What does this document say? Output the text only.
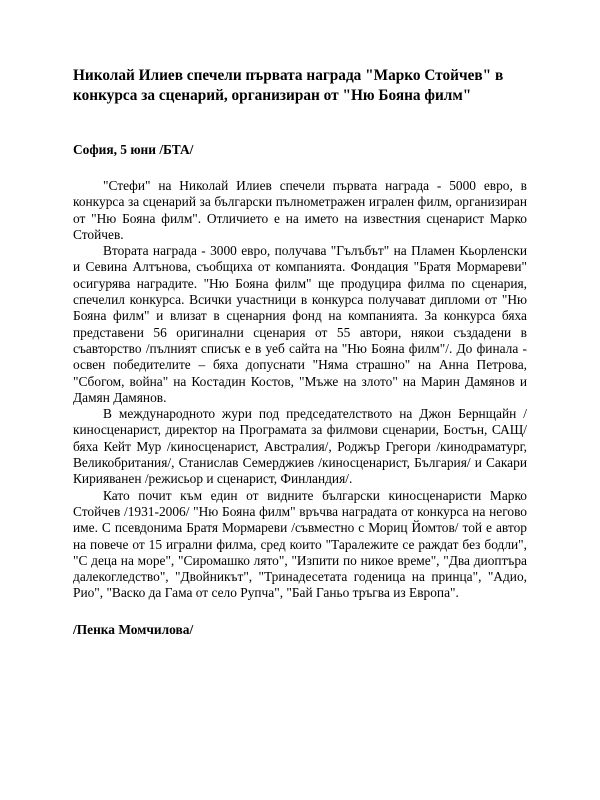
Николай Илиев спечели първата награда "Марко Стойчев" в конкурса за сценарий, организиран от "Ню Бояна филм"

София, 5 юни /БТА/

"Стефи" на Николай Илиев спечели първата награда - 5000 евро, в конкурса за сценарий за български пълнометражен игрален филм, организиран от "Ню Бояна филм". Отличието е на името на известния сценарист Марко Стойчев.

Втората награда - 3000 евро, получава "Гълъбът" на Пламен Кьорленски и Севина Алтънова, съобщиха от компанията. Фондация "Братя Мормареви" осигурява наградите. "Ню Бояна филм" ще продуцира филма по сценария, спечелил конкурса. Всички участници в конкурса получават дипломи от "Ню Бояна филм" и влизат в сценарния фонд на компанията. За конкурса бяха представени 56 оригинални сценария от 55 автори, някои създадени в съавторство /пълният списък е в уеб сайта на "Ню Бояна филм"/. До финала - освен победителите – бяха допуснати "Няма страшно" на Анна Петрова, "Сбогом, война" на Костадин Костов, "Мъже на злото" на Марин Дамянов и Дамян Дамянов.

В международното жури под председателството на Джон Бернщайн /киносценарист, директор на Програмата за филмови сценарии, Бостън, САЩ/ бяха Кейт Мур /киносценарист, Австралия/, Роджър Грегори /кинодраматург, Великобритания/, Станислав Семерджиев /киносценарист, България/ и Сакари Кирияванен /режисьор и сценарист, Финландия/.

Като почит към един от видните български киносценаристи Марко Стойчев /1931-2006/ "Ню Бояна филм" връчва наградата от конкурса на негово име. С псевдонима Братя Мормареви /съвместно с Мориц Йомтов/ той е автор на повече от 15 игрални филма, сред които "Таралежите се раждат без бодли", "С деца на море", "Сиромашко лято", "Изпити по никое време", "Два диоптъра далекогледство", "Двойникът", "Тринадесетата годеница на принца", "Адио, Рио", "Васко да Гама от село Рупча", "Бай Ганьо тръгва из Европа".

/Пенка Момчилова/
